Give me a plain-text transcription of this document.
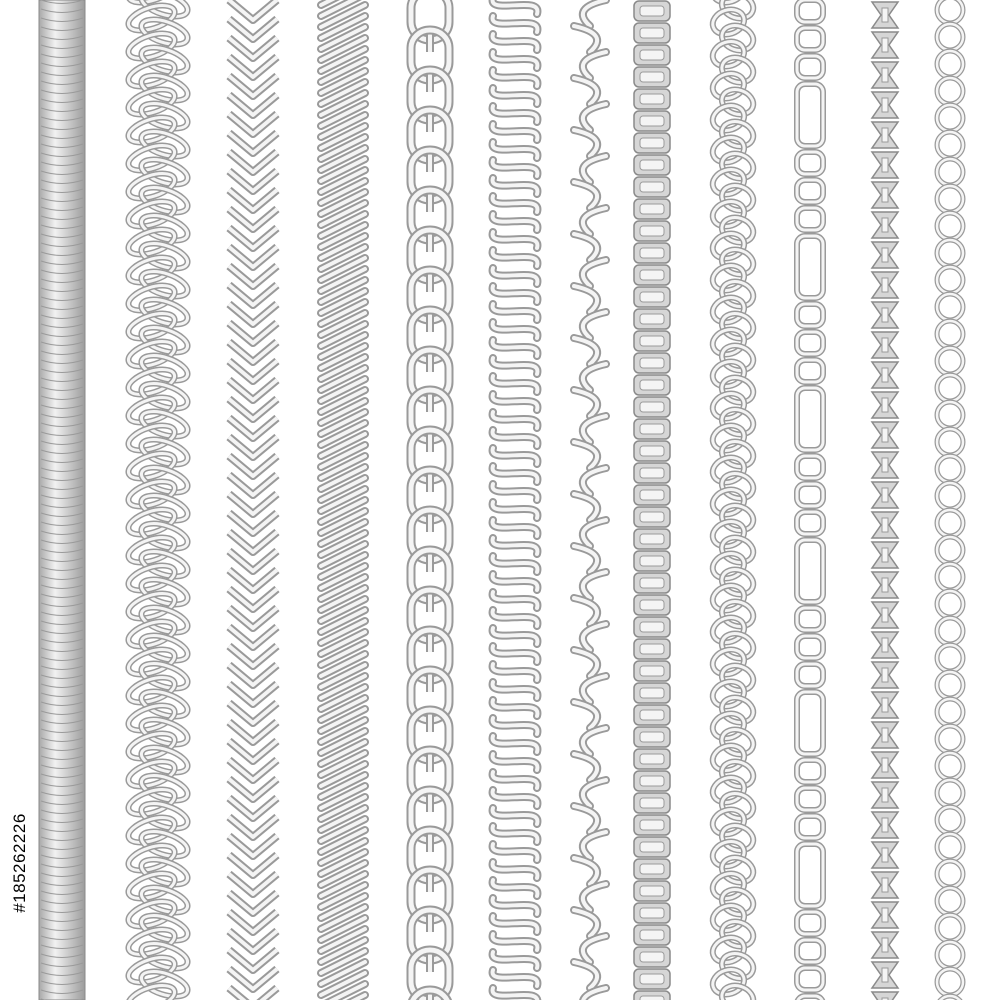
#185262226
